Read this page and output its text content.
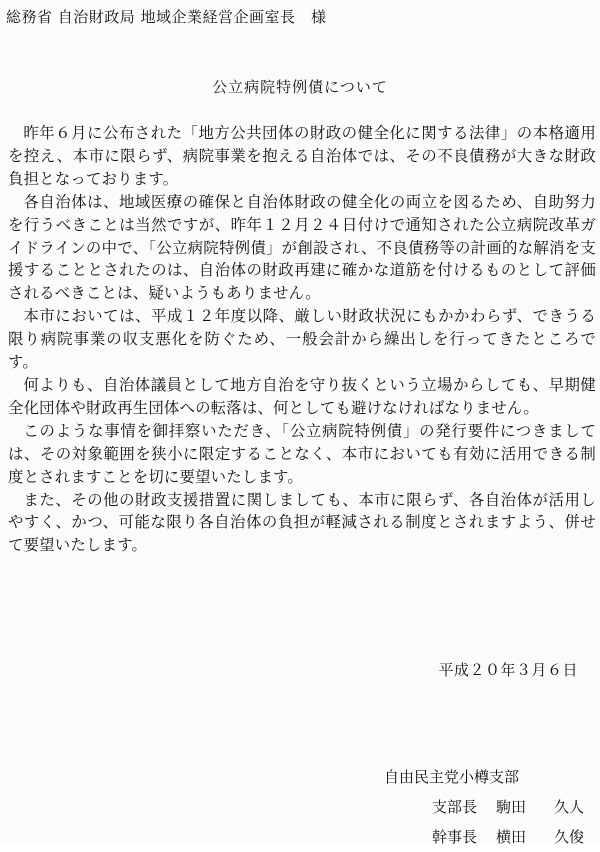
総務省 自治財政局 地域企業経営企画室長　様
公立病院特例債について

昨年６月に公布された「地方公共団体の財政の健全化に関する法律」の本格適用を控え、本市に限らず、病院事業を抱える自治体では、その不良債務が大きな財政負担となっております。

各自治体は、地域医療の確保と自治体財政の健全化の両立を図るため、自助努力を行うべきことは当然ですが、昨年１２月２４日付けで通知された公立病院改革ガイドラインの中で、「公立病院特例債」が創設され、不良債務等の計画的な解消を支援することとされたのは、自治体の財政再建に確かな道筋を付けるものとして評価されるべきことは、疑いようもありません。

本市においては、平成１２年度以降、厳しい財政状況にもかかわらず、できうる限り病院事業の収支悪化を防ぐため、一般会計から繰出しを行ってきたところです。

何よりも、自治体議員として地方自治を守り抜くという立場からしても、早期健全化団体や財政再生団体への転落は、何としても避けなければなりません。

このような事情を御拝察いただき、「公立病院特例債」の発行要件につきましては、その対象範囲を狭小に限定することなく、本市においても有効に活用できる制度とされますことを切に要望いたします。

また、その他の財政支援措置に関しましても、本市に限らず、各自治体が活用しやすく、かつ、可能な限り各自治体の負担が軽減される制度とされますよう、併せて要望いたします。

平成２０年３月６日
自由民主党小樽支部
支部長 駒田 久人
幹事長 横田 久俊
